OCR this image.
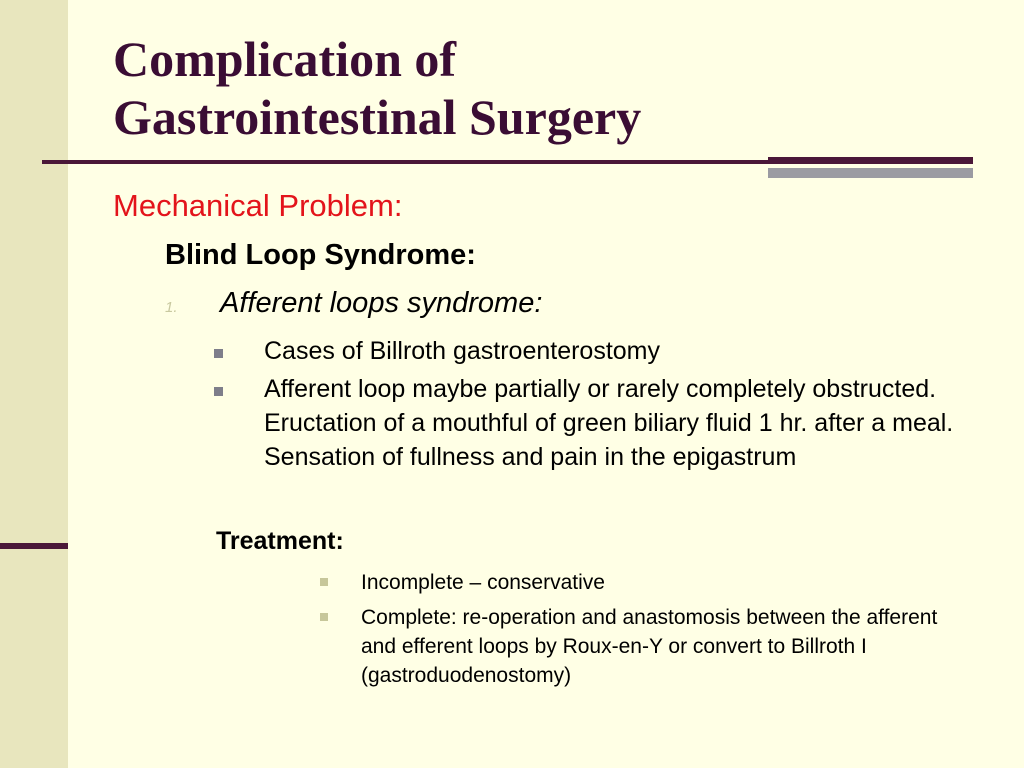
Complication of
Gastrointestinal Surgery
Mechanical Problem:
Blind Loop Syndrome:
1.	Afferent loops syndrome:
Cases of Billroth gastroenterostomy
Afferent loop maybe partially or rarely completely obstructed. Eructation of a mouthful of green biliary fluid 1 hr. after a meal. Sensation of fullness and pain in the epigastrum
Treatment:
Incomplete – conservative
Complete: re-operation and anastomosis between the afferent and efferent loops by Roux-en-Y or convert to Billroth I (gastroduodenostomy)
